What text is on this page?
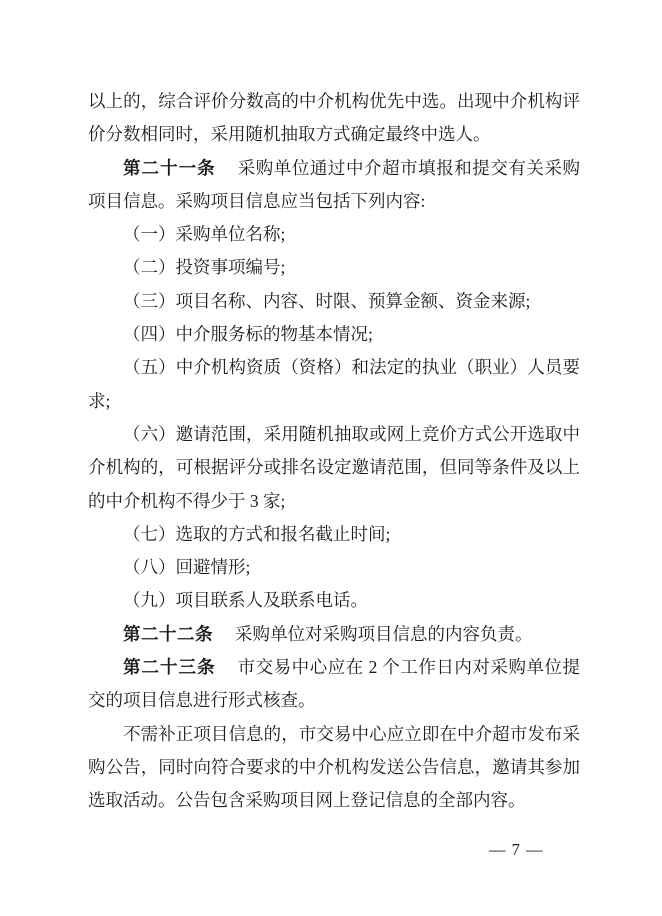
以上的，综合评价分数高的中介机构优先中选。出现中介机构评价分数相同时，采用随机抽取方式确定最终中选人。

第二十一条 采购单位通过中介超市填报和提交有关采购项目信息。采购项目信息应当包括下列内容:

（一）采购单位名称;

（二）投资事项编号;

（三）项目名称、内容、时限、预算金额、资金来源;

（四）中介服务标的物基本情况;

（五）中介机构资质（资格）和法定的执业（职业）人员要求;

（六）邀请范围，采用随机抽取或网上竞价方式公开选取中介机构的，可根据评分或排名设定邀请范围，但同等条件及以上的中介机构不得少于 3 家;

（七）选取的方式和报名截止时间;

（八）回避情形;

（九）项目联系人及联系电话。

第二十二条 采购单位对采购项目信息的内容负责。

第二十三条 市交易中心应在 2 个工作日内对采购单位提交的项目信息进行形式核查。

不需补正项目信息的，市交易中心应立即在中介超市发布采购公告，同时向符合要求的中介机构发送公告信息，邀请其参加选取活动。公告包含采购项目网上登记信息的全部内容。

— 7 —
